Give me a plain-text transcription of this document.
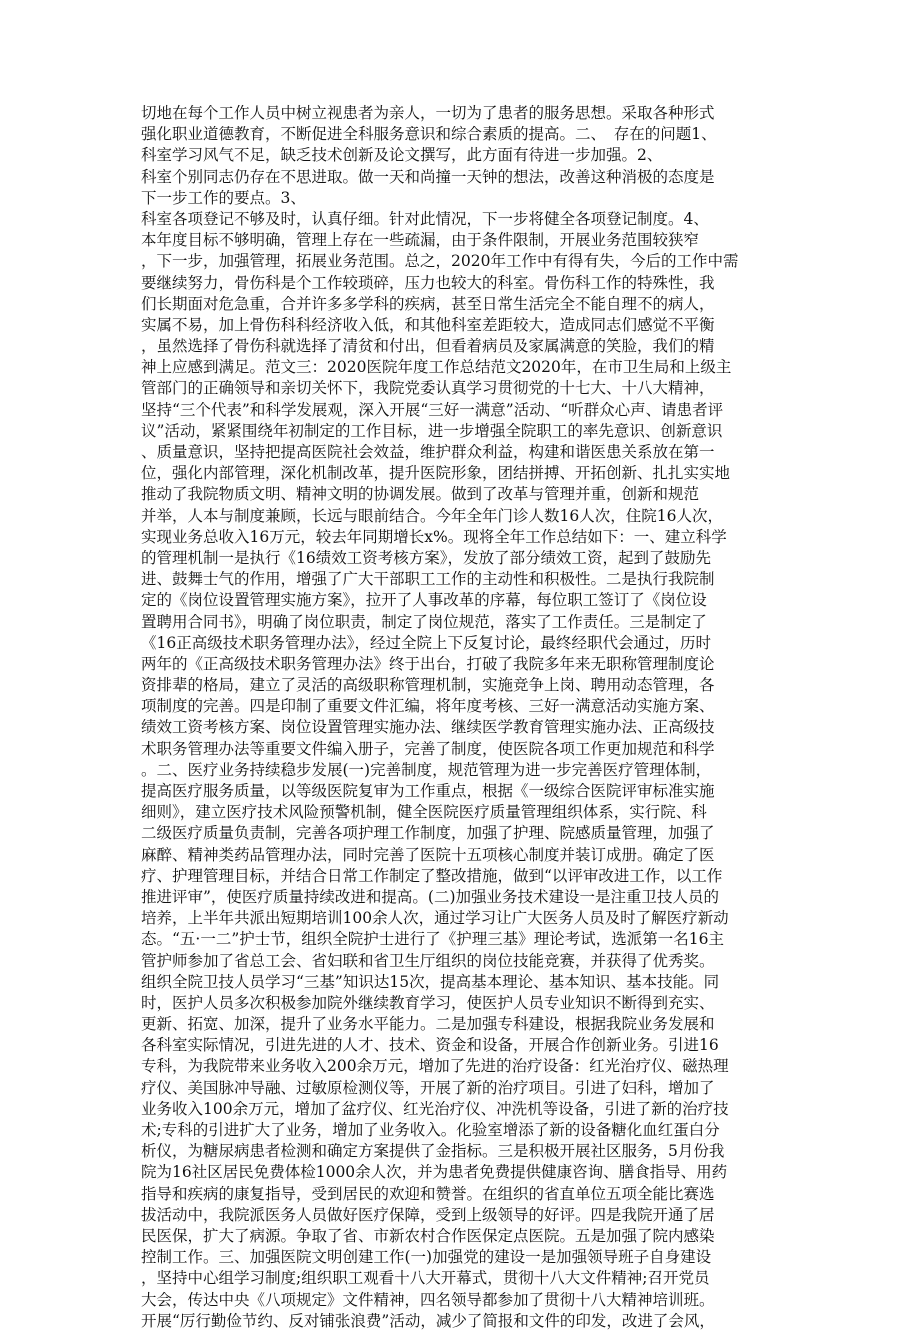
切地在每个工作人员中树立视患者为亲人，一切为了患者的服务思想。采取各种形式
强化职业道德教育，不断促进全科服务意识和综合素质的提高。二、　存在的问题1、
科室学习风气不足，缺乏技术创新及论文撰写，此方面有待进一步加强。2、
科室个别同志仍存在不思进取。做一天和尚撞一天钟的想法，改善这种消极的态度是
下一步工作的要点。3、
科室各项登记不够及时，认真仔细。针对此情况，下一步将健全各项登记制度。4、
本年度目标不够明确，管理上存在一些疏漏，由于条件限制，开展业务范围较狭窄
，下一步，加强管理，拓展业务范围。总之，2020年工作中有得有失，今后的工作中需
要继续努力，骨伤科是个工作较琐碎，压力也较大的科室。骨伤科工作的特殊性，我
们长期面对危急重，合并许多多学科的疾病，甚至日常生活完全不能自理不的病人，
实属不易，加上骨伤科科经济收入低，和其他科室差距较大，造成同志们感觉不平衡
，虽然选择了骨伤科就选择了清贫和付出，但看着病员及家属满意的笑脸，我们的精
神上应感到满足。范文三：2020医院年度工作总结范文2020年，在市卫生局和上级主
管部门的正确领导和亲切关怀下，我院党委认真学习贯彻党的十七大、十八大精神，
坚持“三个代表”和科学发展观，深入开展“三好一满意”活动、“听群众心声、请患者评
议”活动，紧紧围绕年初制定的工作目标，进一步增强全院职工的率先意识、创新意识
、质量意识，坚持把提高医院社会效益，维护群众利益，构建和谐医患关系放在第一
位，强化内部管理，深化机制改革，提升医院形象，团结拼搏、开拓创新、扎扎实实地
推动了我院物质文明、精神文明的协调发展。做到了改革与管理并重，创新和规范
并举，人本与制度兼顾，长远与眼前结合。今年全年门诊人数16人次，住院16人次，
实现业务总收入16万元，较去年同期增长x%。现将全年工作总结如下：一、建立科学
的管理机制一是执行《16绩效工资考核方案》，发放了部分绩效工资，起到了鼓励先
进、鼓舞士气的作用，增强了广大干部职工工作的主动性和积极性。二是执行我院制
定的《岗位设置管理实施方案》，拉开了人事改革的序幕，每位职工签订了《岗位设
置聘用合同书》，明确了岗位职责，制定了岗位规范，落实了工作责任。三是制定了
《16正高级技术职务管理办法》，经过全院上下反复讨论，最终经职代会通过，历时
两年的《正高级技术职务管理办法》终于出台，打破了我院多年来无职称管理制度论
资排辈的格局，建立了灵活的高级职称管理机制，实施竞争上岗、聘用动态管理，各
项制度的完善。四是印制了重要文件汇编，将年度考核、三好一满意活动实施方案、
绩效工资考核方案、岗位设置管理实施办法、继续医学教育管理实施办法、正高级技
术职务管理办法等重要文件编入册子，完善了制度，使医院各项工作更加规范和科学
。二、医疗业务持续稳步发展(一)完善制度，规范管理为进一步完善医疗管理体制，
提高医疗服务质量，以等级医院复审为工作重点，根据《一级综合医院评审标准实施
细则》，建立医疗技术风险预警机制，健全医院医疗质量管理组织体系，实行院、科
二级医疗质量负责制，完善各项护理工作制度，加强了护理、院感质量管理，加强了
麻醉、精神类药品管理办法，同时完善了医院十五项核心制度并装订成册。确定了医
疗、护理管理目标，并结合日常工作制定了整改措施，做到“以评审改进工作，以工作
推进评审”，使医疗质量持续改进和提高。(二)加强业务技术建设一是注重卫技人员的
培养，上半年共派出短期培训100余人次，通过学习让广大医务人员及时了解医疗新动
态。“五·一二”护士节，组织全院护士进行了《护理三基》理论考试，选派第一名16主
管护师参加了省总工会、省妇联和省卫生厅组织的岗位技能竞赛，并获得了优秀奖。
组织全院卫技人员学习“三基”知识达15次，提高基本理论、基本知识、基本技能。同
时，医护人员多次积极参加院外继续教育学习，使医护人员专业知识不断得到充实、
更新、拓宽、加深，提升了业务水平能力。二是加强专科建设，根据我院业务发展和
各科室实际情况，引进先进的人才、技术、资金和设备，开展合作创新业务。引进16
专科，为我院带来业务收入200余万元，增加了先进的治疗设备：红光治疗仪、磁热理
疗仪、美国脉冲导融、过敏原检测仪等，开展了新的治疗项目。引进了妇科，增加了
业务收入100余万元，增加了盆疗仪、红光治疗仪、冲洗机等设备，引进了新的治疗技
术;专科的引进扩大了业务，增加了业务收入。化验室增添了新的设备糖化血红蛋白分
析仪，为糖尿病患者检测和确定方案提供了金指标。三是积极开展社区服务，5月份我
院为16社区居民免费体检1000余人次，并为患者免费提供健康咨询、膳食指导、用药
指导和疾病的康复指导，受到居民的欢迎和赞誉。在组织的省直单位五项全能比赛选
拔活动中，我院派医务人员做好医疗保障，受到上级领导的好评。四是我院开通了居
民医保，扩大了病源。争取了省、市新农村合作医保定点医院。五是加强了院内感染
控制工作。三、加强医院文明创建工作(一)加强党的建设一是加强领导班子自身建设
，坚持中心组学习制度;组织职工观看十八大开幕式，贯彻十八大文件精神;召开党员
大会，传达中央《八项规定》文件精神，四名领导都参加了贯彻十八大精神培训班。
开展“厉行勤俭节约、反对铺张浪费”活动，减少了简报和文件的印发，改进了会风，
